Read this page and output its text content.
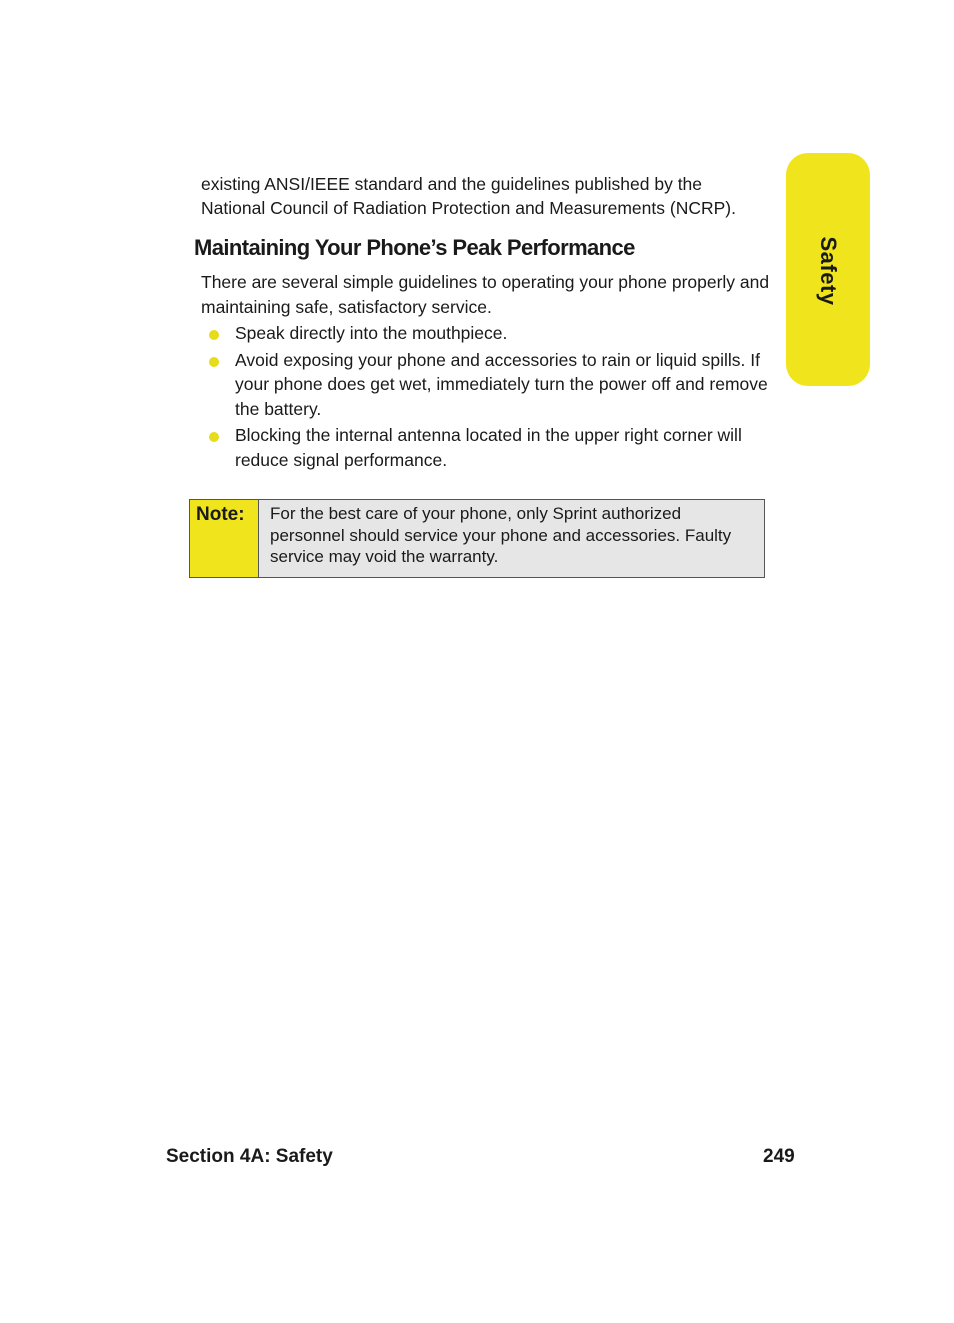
Safety

existing ANSI/IEEE standard and the guidelines published by the

National Council of Radiation Protection and Measurements (NCRP).

Maintaining Your Phone’s Peak Performance

There are several simple guidelines to operating your phone properly and maintaining safe, satisfactory service.

Speak directly into the mouthpiece.
Avoid exposing your phone and accessories to rain or liquid spills. If your phone does get wet, immediately turn the power off and remove the battery.
Blocking the internal antenna located in the upper right corner will reduce signal performance.
Note:	For the best care of your phone, only Sprint authorized personnel should service your phone and accessories. Faulty service may void the warranty.
Section 4A: Safety	249
